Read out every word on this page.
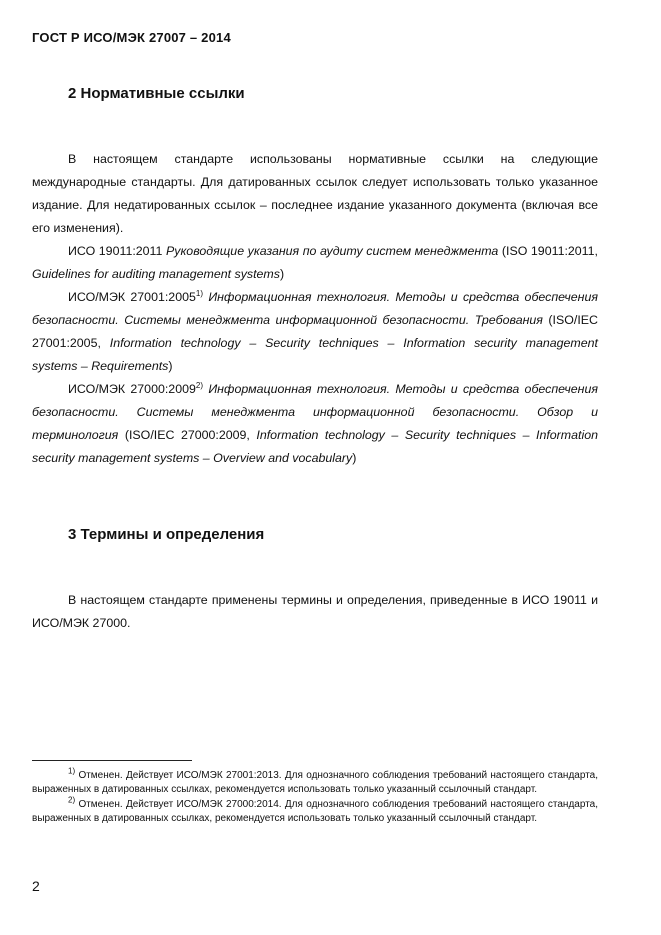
ГОСТ Р ИСО/МЭК 27007 – 2014
2 Нормативные ссылки

В настоящем стандарте использованы нормативные ссылки на следующие международные стандарты. Для датированных ссылок следует использовать только указанное издание. Для недатированных ссылок – последнее издание указанного документа (включая все его изменения).

ИСО 19011:2011 Руководящие указания по аудиту систем менеджмента (ISO 19011:2011, Guidelines for auditing management systems)

ИСО/МЭК 27001:2005$^{1)}$ Информационная технология. Методы и средства обеспечения безопасности. Системы менеджмента информационной безопасности. Требования (ISO/IEC 27001:2005, Information technology – Security techniques – Information security management systems – Requirements)

ИСО/МЭК 27000:2009$^{2)}$ Информационная технология. Методы и средства обеспечения безопасности. Системы менеджмента информационной безопасности. Обзор и терминология (ISO/IEC 27000:2009, Information technology – Security techniques – Information security management systems – Overview and vocabulary)

3 Термины и определения

В настоящем стандарте применены термины и определения, приведенные в ИСО 19011 и ИСО/МЭК 27000.

$^{1)}$ Отменен. Действует ИСО/МЭК 27001:2013. Для однозначного соблюдения требований настоящего стандарта, выраженных в датированных ссылках, рекомендуется использовать только указанный ссылочный стандарт.

$^{2)}$ Отменен. Действует ИСО/МЭК 27000:2014. Для однозначного соблюдения требований настоящего стандарта, выраженных в датированных ссылках, рекомендуется использовать только указанный ссылочный стандарт.

2
